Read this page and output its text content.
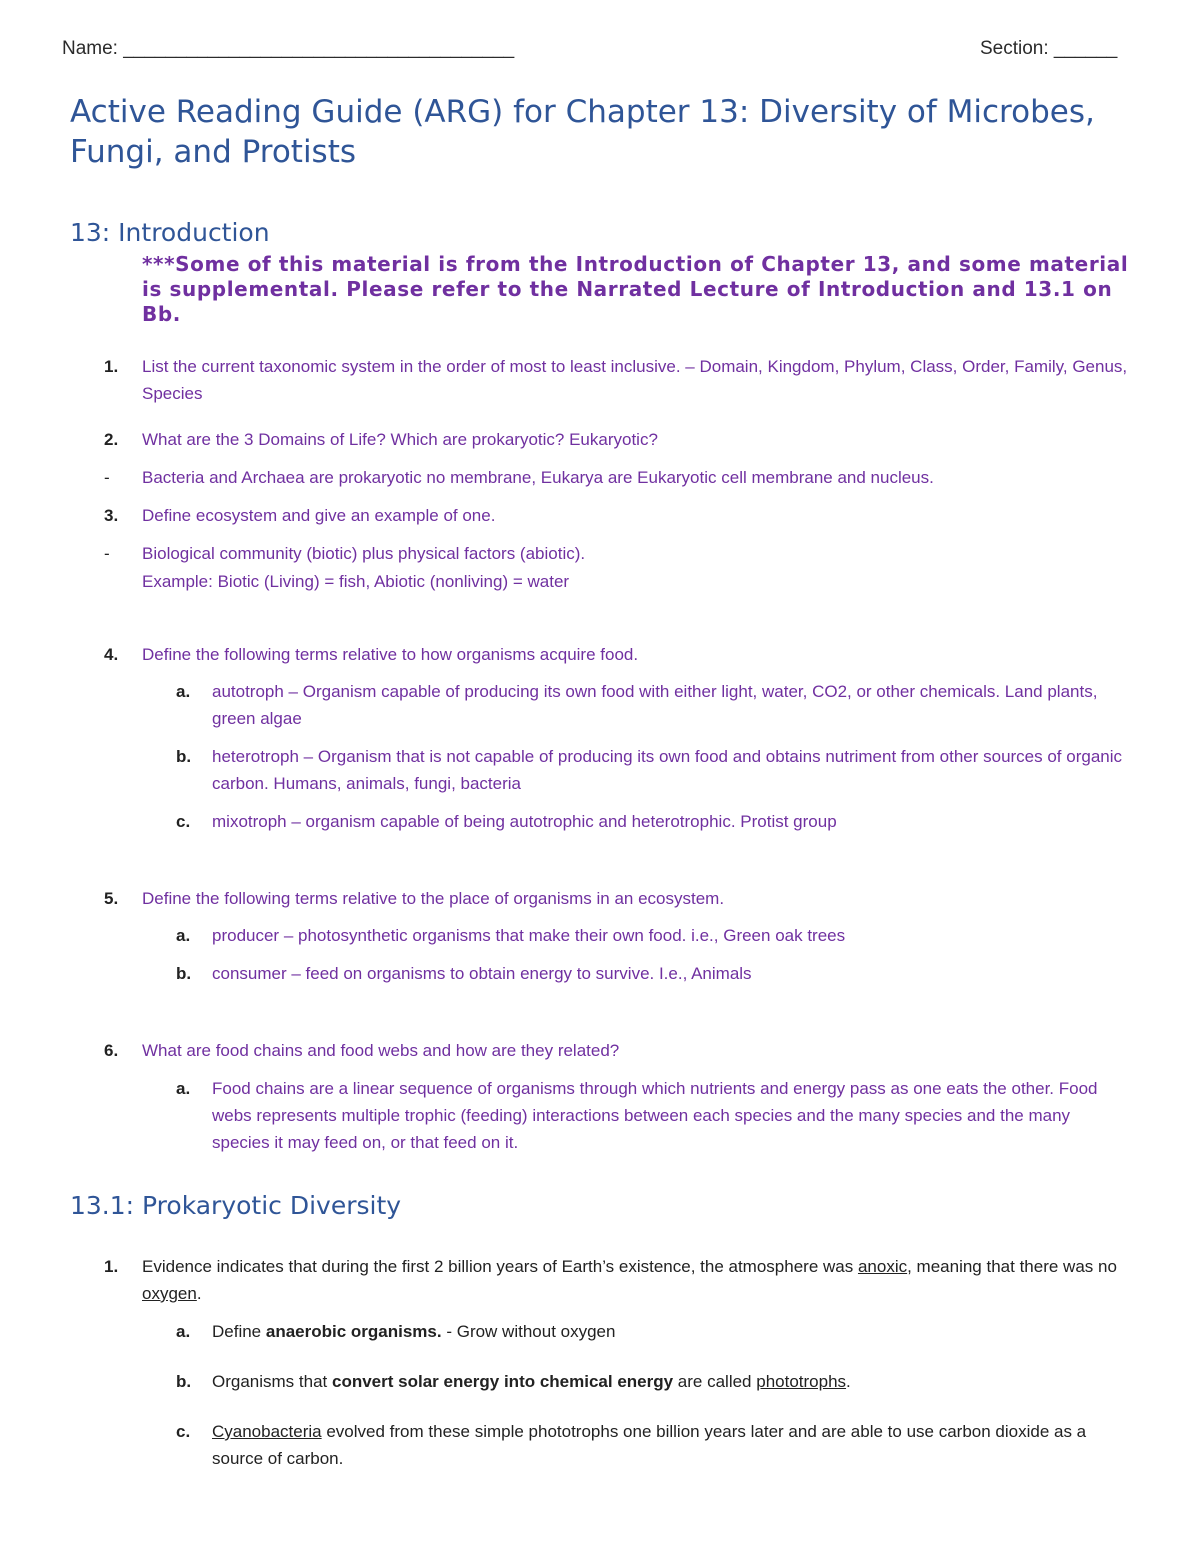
Name: _____________________________________	Section: ______
Active Reading Guide (ARG) for Chapter 13: Diversity of Microbes, Fungi, and Protists
13: Introduction
***Some of this material is from the Introduction of Chapter 13, and some material is supplemental. Please refer to the Narrated Lecture of Introduction and 13.1 on Bb.
1. List the current taxonomic system in the order of most to least inclusive. – Domain, Kingdom, Phylum, Class, Order, Family, Genus, Species
2. What are the 3 Domains of Life? Which are prokaryotic? Eukaryotic?
- Bacteria and Archaea are prokaryotic no membrane, Eukarya are Eukaryotic cell membrane and nucleus.
3. Define ecosystem and give an example of one.
- Biological community (biotic) plus physical factors (abiotic).
Example: Biotic (Living) = fish, Abiotic (nonliving) = water
4. Define the following terms relative to how organisms acquire food.
a. autotroph – Organism capable of producing its own food with either light, water, CO2, or other chemicals. Land plants, green algae
b. heterotroph – Organism that is not capable of producing its own food and obtains nutriment from other sources of organic carbon. Humans, animals, fungi, bacteria
c. mixotroph – organism capable of being autotrophic and heterotrophic. Protist group
5. Define the following terms relative to the place of organisms in an ecosystem.
a. producer – photosynthetic organisms that make their own food. i.e., Green oak trees
b. consumer – feed on organisms to obtain energy to survive. I.e., Animals
6. What are food chains and food webs and how are they related?
a. Food chains are a linear sequence of organisms through which nutrients and energy pass as one eats the other. Food webs represents multiple trophic (feeding) interactions between each species and the many species and the many species it may feed on, or that feed on it.
13.1: Prokaryotic Diversity
1. Evidence indicates that during the first 2 billion years of Earth’s existence, the atmosphere was anoxic, meaning that there was no oxygen.
a. Define anaerobic organisms. - Grow without oxygen
b. Organisms that convert solar energy into chemical energy are called phototrophs.
c. Cyanobacteria evolved from these simple phototrophs one billion years later and are able to use carbon dioxide as a source of carbon.
